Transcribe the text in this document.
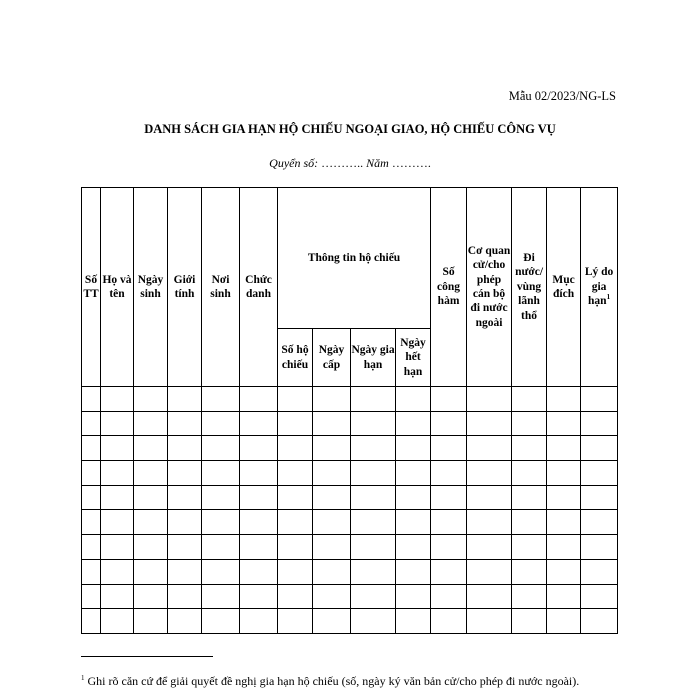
Mẫu 02/2023/NG-LS
DANH SÁCH GIA HẠN HỘ CHIẾU NGOẠI GIAO, HỘ CHIẾU CÔNG VỤ
Quyển số: ……….. Năm ……….
Số TT	Họ và tên	Ngày sinh	Giới tính	Nơi sinh	Chức danh	Thông tin hộ chiếu				Số công hàm	Cơ quan cử/cho phép cán bộ đi nước ngoài	Đi nước/ vùng lãnh thổ	Mục đích	Lý do gia hạn$^1$
						Số hộ chiếu	Ngày cấp	Ngày gia hạn	Ngày hết hạn					

$^1$ Ghi rõ căn cứ để giải quyết đề nghị gia hạn hộ chiếu (số, ngày ký văn bản cử/cho phép đi nước ngoài).
